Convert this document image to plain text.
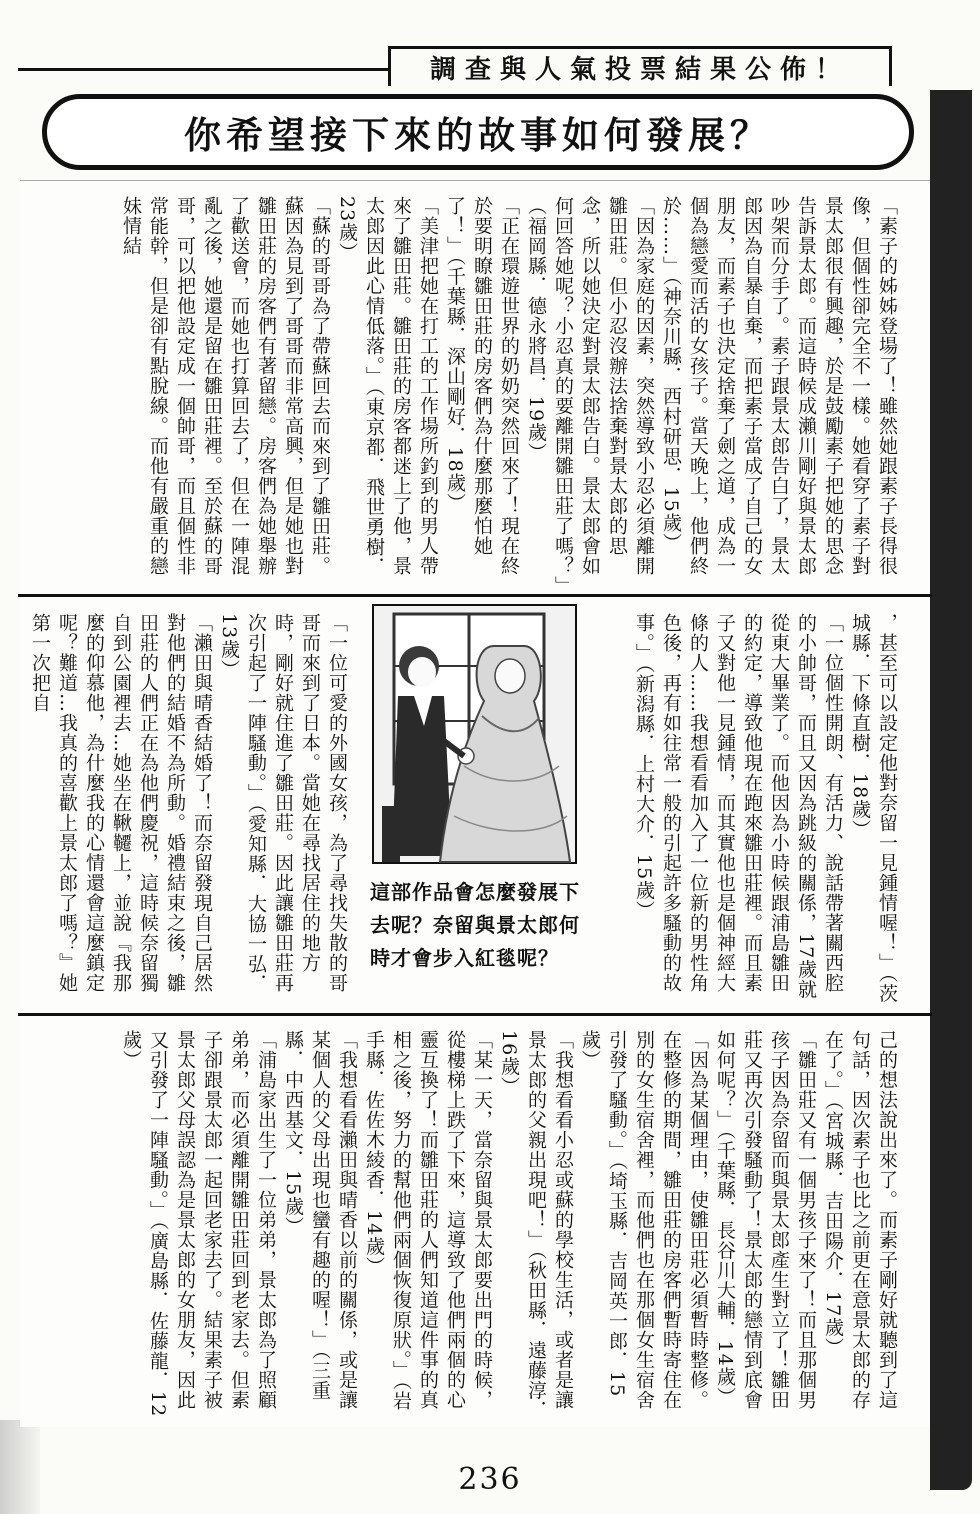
調查與人氣投票結果公佈！
你希望接下來的故事如何發展？
「素子的姊姊登場了！雖然她跟素子長得很像，但個性卻完全不一樣。她看穿了素子對景太郎很有興趣，於是鼓勵素子把她的思念告訴景太郎。而這時候成瀨川剛好與景太郎吵架而分手了。素子跟景太郎告白了，景太郎因為自暴自棄，而把素子當成了自己的女朋友，而素子也決定捨棄了劍之道，成為一個為戀愛而活的女孩子。當天晚上，他們終於……」（神奈川縣．西村研思．15歲）
「因為家庭的因素，突然導致小忍必須離開雛田莊。但小忍沒辦法捨棄對景太郎的思念，所以她決定對景太郎告白。景太郎會如何回答她呢？小忍真的要離開雛田莊了嗎？」（福岡縣．德永將昌．19歲）
「正在環遊世界的奶奶突然回來了！現在終於要明瞭雛田莊的房客們為什麼那麼怕她了！」（千葉縣．深山剛好．18歲）
「美津把她在打工的工作場所釣到的男人帶來了雛田莊。雛田莊的房客都迷上了他，景太郎因此心情低落。」（東京都．飛世勇樹．23歲）
「蘇的哥哥為了帶蘇回去而來到了雛田莊。蘇因為見到了哥哥而非常高興，但是她也對雛田莊的房客們有著留戀。房客們為她舉辦了歡送會，而她也打算回去了，但在一陣混亂之後，她還是留在雛田莊裡。至於蘇的哥哥，可以把他設定成一個帥哥，而且個性非常能幹，但是卻有點脫線。而他有嚴重的戀妹情結
，甚至可以設定他對奈留一見鍾情喔！」（茨城縣．下條直樹．18歲）
「一位個性開朗、有活力、說話帶著關西腔的小帥哥，而且又因為跳級的關係，17歲就從東大畢業了。而他因為小時候跟浦島雛田的約定，導致他現在跑來雛田莊裡。而且素子又對他一見鍾情，而其實他也是個神經大條的人……我想看看加入了一位新的男性角色後，再有如往常一般的引起許多騷動的故事。」（新潟縣．上村大介．15歲）
這部作品會怎麼發展下去呢？奈留與景太郎何時才會步入紅毯呢？
「一位可愛的外國女孩，為了尋找失散的哥哥而來到了日本。當她在尋找居住的地方時，剛好就住進了雛田莊。因此讓雛田莊再次引起了一陣騷動。」（愛知縣．大協一弘．13歲）
「瀨田與晴香結婚了！而奈留發現自己居然對他們的結婚不為所動。婚禮結束之後，雛田莊的人們正在為他們慶祝，這時候奈留獨自到公園裡去…她坐在鞦韆上，並說『我那麼的仰慕他，為什麼我的心情還會這麼鎮定呢？難道…我真的喜歡上景太郎了嗎？』她第一次把自
己的想法說出來了。而素子剛好就聽到了這句話，因次素子也比之前更在意景太郎的存在了。」（宮城縣．吉田陽介．17歲）
「雛田莊又有一個男孩子來了！而且那個男孩子因為奈留而與景太郎產生對立了！雛田莊又再次引發騷動了！景太郎的戀情到底會如何呢？」（千葉縣．長谷川大輔．14歲）
「因為某個理由，使雛田莊必須暫時整修。在整修的期間，雛田莊的房客們暫時寄住在別的女生宿舍裡，而他們也在那個女生宿舍引發了騷動。」（埼玉縣．吉岡英一郎．15歲）
「我想看看小忍或蘇的學校生活，或者是讓景太郎的父親出現吧！」（秋田縣．遠藤淳．16歲）
「某一天，當奈留與景太郎要出門的時候，從樓梯上跌了下來，這導致了他們兩個的心靈互換了！而雛田莊的人們知道這件事的真相之後，努力的幫他們兩個恢復原狀。」（岩手縣．佐佐木綾香．14歲）
「我想看看瀨田與晴香以前的關係，或是讓某個人的父母出現也蠻有趣的喔！」（三重縣．中西基文．15歲）
「浦島家出生了一位弟弟，景太郎為了照顧弟弟，而必須離開雛田莊回到老家去。但素子卻跟景太郎一起回老家去了。結果素子被景太郎父母誤認為是景太郎的女朋友，因此又引發了一陣騷動。」（廣島縣．佐藤龍．12歲）
236
